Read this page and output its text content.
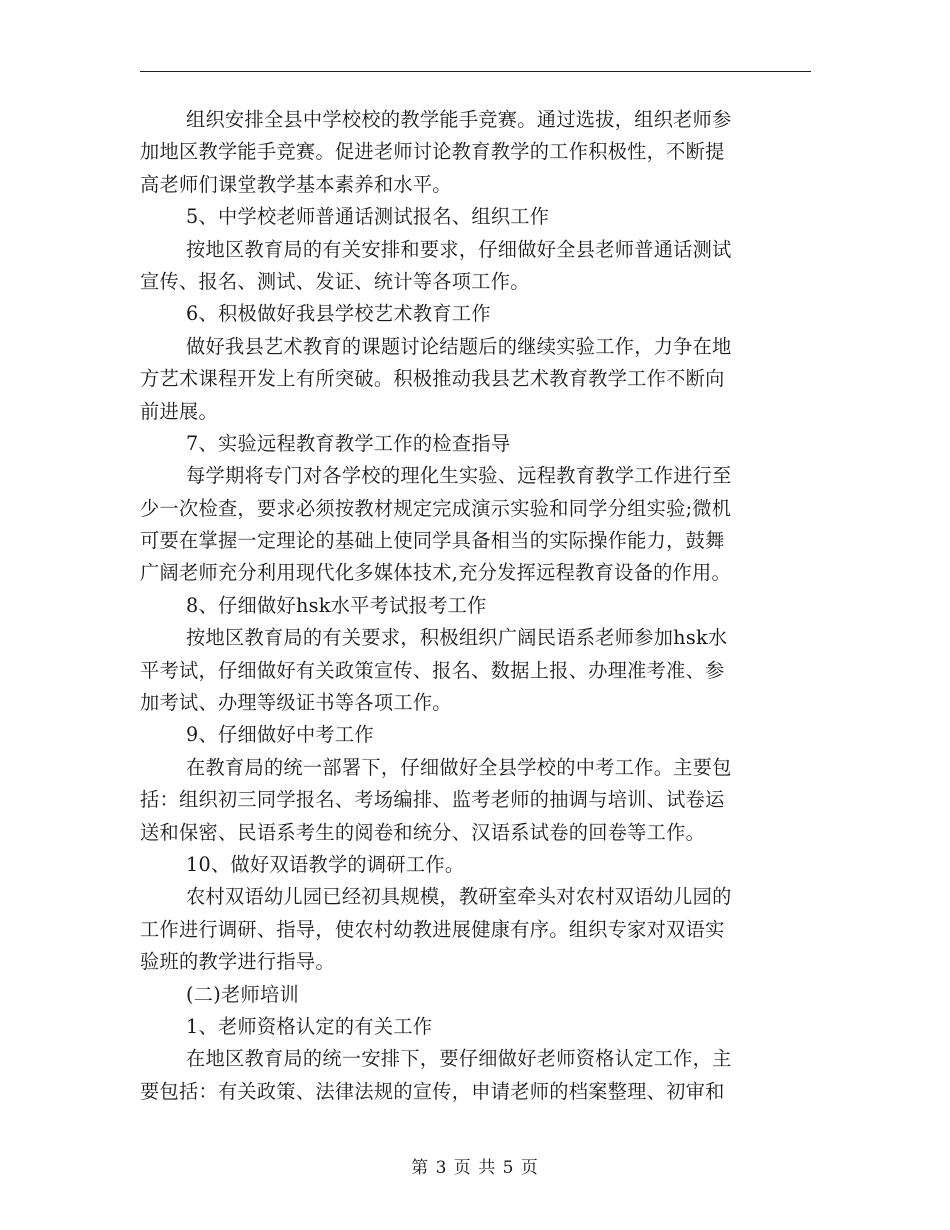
组织安排全县中学校校的教学能手竞赛。通过选拔，组织老师参
加地区教学能手竞赛。促进老师讨论教育教学的工作积极性，不断提
高老师们课堂教学基本素养和水平。
5、中学校老师普通话测试报名、组织工作
按地区教育局的有关安排和要求，仔细做好全县老师普通话测试
宣传、报名、测试、发证、统计等各项工作。
6、积极做好我县学校艺术教育工作
做好我县艺术教育的课题讨论结题后的继续实验工作，力争在地
方艺术课程开发上有所突破。积极推动我县艺术教育教学工作不断向
前进展。
7、实验远程教育教学工作的检查指导
每学期将专门对各学校的理化生实验、远程教育教学工作进行至
少一次检查，要求必须按教材规定完成演示实验和同学分组实验;微机
可要在掌握一定理论的基础上使同学具备相当的实际操作能力，鼓舞
广阔老师充分利用现代化多媒体技术,充分发挥远程教育设备的作用。
8、仔细做好hsk水平考试报考工作
按地区教育局的有关要求，积极组织广阔民语系老师参加hsk水
平考试，仔细做好有关政策宣传、报名、数据上报、办理准考准、参
加考试、办理等级证书等各项工作。
9、仔细做好中考工作
在教育局的统一部署下，仔细做好全县学校的中考工作。主要包
括：组织初三同学报名、考场编排、监考老师的抽调与培训、试卷运
送和保密、民语系考生的阅卷和统分、汉语系试卷的回卷等工作。
10、做好双语教学的调研工作。
农村双语幼儿园已经初具规模，教研室牵头对农村双语幼儿园的
工作进行调研、指导，使农村幼教进展健康有序。组织专家对双语实
验班的教学进行指导。
(二)老师培训
1、老师资格认定的有关工作
在地区教育局的统一安排下，要仔细做好老师资格认定工作，主
要包括：有关政策、法律法规的宣传，申请老师的档案整理、初审和
第 3 页 共 5 页
